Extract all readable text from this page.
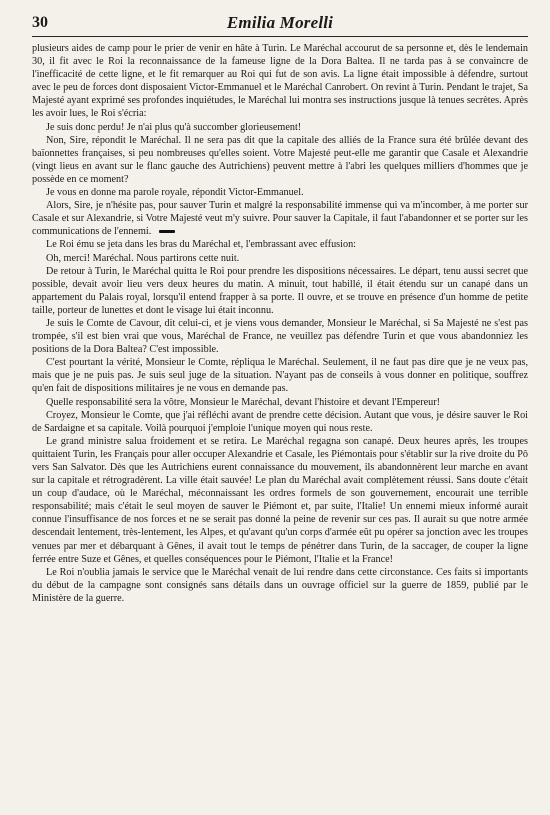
30	Emilia Morelli

plusieurs aides de camp pour le prier de venir en hâte à Turin. Le Maréchal accourut de sa personne et, dès le lendemain 30, il fit avec le Roi la reconnaissance de la fameuse ligne de la Dora Baltea. Il ne tarda pas à se convaincre de l'inefficacité de cette ligne, et le fit remarquer au Roi qui fut de son avis. La ligne était impossible à défendre, surtout avec le peu de forces dont disposaient Victor-Emmanuel et le Maréchal Canrobert. On revint à Turin. Pendant le trajet, Sa Majesté ayant exprimé ses profondes inquiétudes, le Maréchal lui montra ses instructions jusque là tenues secrètes. Après les avoir lues, le Roi s'écria:

Je suis donc perdu! Je n'ai plus qu'à succomber glorieusement!

Non, Sire, répondit le Maréchal. Il ne sera pas dit que la capitale des alliés de la France sura été brûlée devant des baïonnettes françaises, si peu nombreuses qu'elles soient. Votre Majesté peut-elle me garantir que Casale et Alexandrie (vingt lieus en avant sur le flanc gauche des Autrichiens) peuvent mettre à l'abri les quelques milliers d'hommes que je possède en ce moment?

Je vous en donne ma parole royale, répondit Victor-Emmanuel.

Alors, Sire, je n'hésite pas, pour sauver Turin et malgré la responsabilité immense qui va m'incomber, à me porter sur Casale et sur Alexandrie, si Votre Majesté veut m'y suivre. Pour sauver la Capitale, il faut l'abandonner et se porter sur les communications de l'ennemi.

Le Roi ému se jeta dans les bras du Maréchal et, l'embrassant avec effusion:

Oh, merci! Maréchal. Nous partirons cette nuit.

De retour à Turin, le Maréchal quitta le Roi pour prendre les dispositions nécessaires. Le départ, tenu aussi secret que possible, devait avoir lieu vers deux heures du matin. A minuit, tout habillé, il était étendu sur un canapé dans un appartement du Palais royal, lorsqu'il entend frapper à sa porte. Il ouvre, et se trouve en présence d'un homme de petite taille, porteur de lunettes et dont le visage lui était inconnu.

Je suis le Comte de Cavour, dit celui-ci, et je viens vous demander, Monsieur le Maréchal, si Sa Majesté ne s'est pas trompée, s'il est bien vrai que vous, Maréchal de France, ne veuillez pas défendre Turin et que vous abandonniez les positions de la Dora Baltea? C'est impossible.

C'est pourtant la vérité, Monsieur le Comte, répliqua le Maréchal. Seulement, il ne faut pas dire que je ne veux pas, mais que je ne puis pas. Je suis seul juge de la situation. N'ayant pas de conseils à vous donner en politique, souffrez qu'en fait de dispositions militaires je ne vous en demande pas.

Quelle responsabilité sera la vôtre, Monsieur le Maréchal, devant l'histoire et devant l'Empereur!

Croyez, Monsieur le Comte, que j'ai réfléchi avant de prendre cette décision. Autant que vous, je désire sauver le Roi de Sardaigne et sa capitale. Voilà pourquoi j'emploie l'unique moyen qui nous reste.

Le grand ministre salua froidement et se retira. Le Maréchal regagna son canapé. Deux heures après, les troupes quittaient Turin, les Français pour aller occuper Alexandrie et Casale, les Piémontais pour s'établir sur la rive droite du Pô vers San Salvator. Dès que les Autrichiens eurent connaissance du mouvement, ils abandonnèrent leur marche en avant sur la capitale et rétrogradèrent. La ville était sauvée! Le plan du Maréchal avait complètement réussi. Sans doute c'était un coup d'audace, où le Maréchal, méconnaissant les ordres formels de son gouvernement, encourait une terrible responsabilité; mais c'était le seul moyen de sauver le Piémont et, par suite, l'Italie! Un ennemi mieux informé aurait connue l'insuffisance de nos forces et ne se serait pas donné la peine de revenir sur ces pas. Il aurait su que notre armée descendait lentement, très-lentement, les Alpes, et qu'avant qu'un corps d'armée eût pu opérer sa jonction avec les troupes venues par mer et débarquant à Gênes, il avait tout le temps de pénétrer dans Turin, de la saccager, de couper la ligne ferrée entre Suze et Gênes, et quelles conséquences pour le Piémont, l'Italie et la France!

Le Roi n'oublia jamais le service que le Maréchal venait de lui rendre dans cette circonstance. Ces faits si importants du début de la campagne sont consignés sans détails dans un ouvrage officiel sur la guerre de 1859, publié par le Ministère de la guerre.
